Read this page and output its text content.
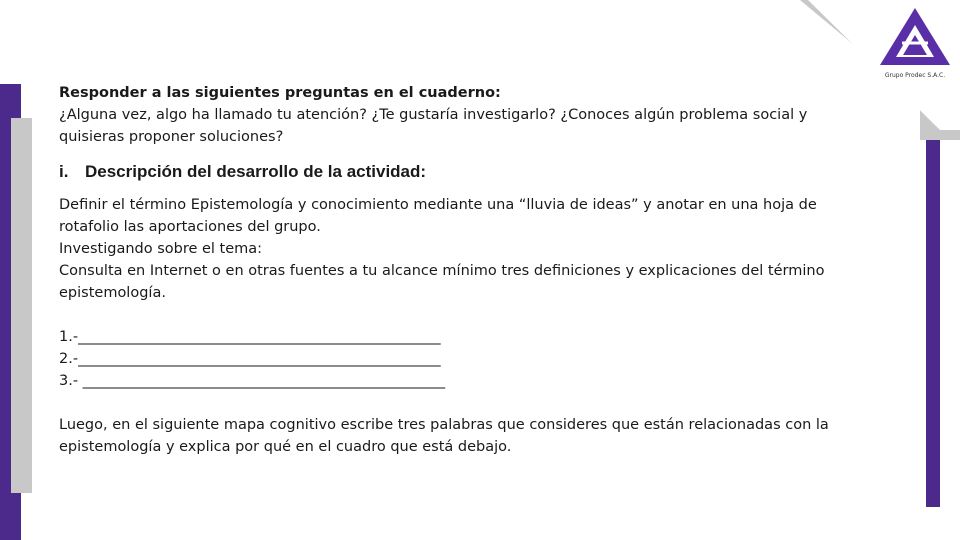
Grupo Prodec S.A.C.

Responder a las siguientes preguntas en el cuaderno:

¿Alguna vez, algo ha llamado tu atención? ¿Te gustaría investigarlo? ¿Conoces algún problema social y

quisieras proponer soluciones?

i. Descripción del desarrollo de la actividad:

Definir el término Epistemología y conocimiento mediante una “lluvia de ideas” y anotar en una hoja de

rotafolio las aportaciones del grupo.

Investigando sobre el tema:

Consulta en Internet o en otras fuentes a tu alcance mínimo tres definiciones y explicaciones del término

epistemología.

1.-__________________________________________________

2.-__________________________________________________

3.- __________________________________________________

Luego, en el siguiente mapa cognitivo escribe tres palabras que consideres que están relacionadas con la

epistemología y explica por qué en el cuadro que está debajo.
